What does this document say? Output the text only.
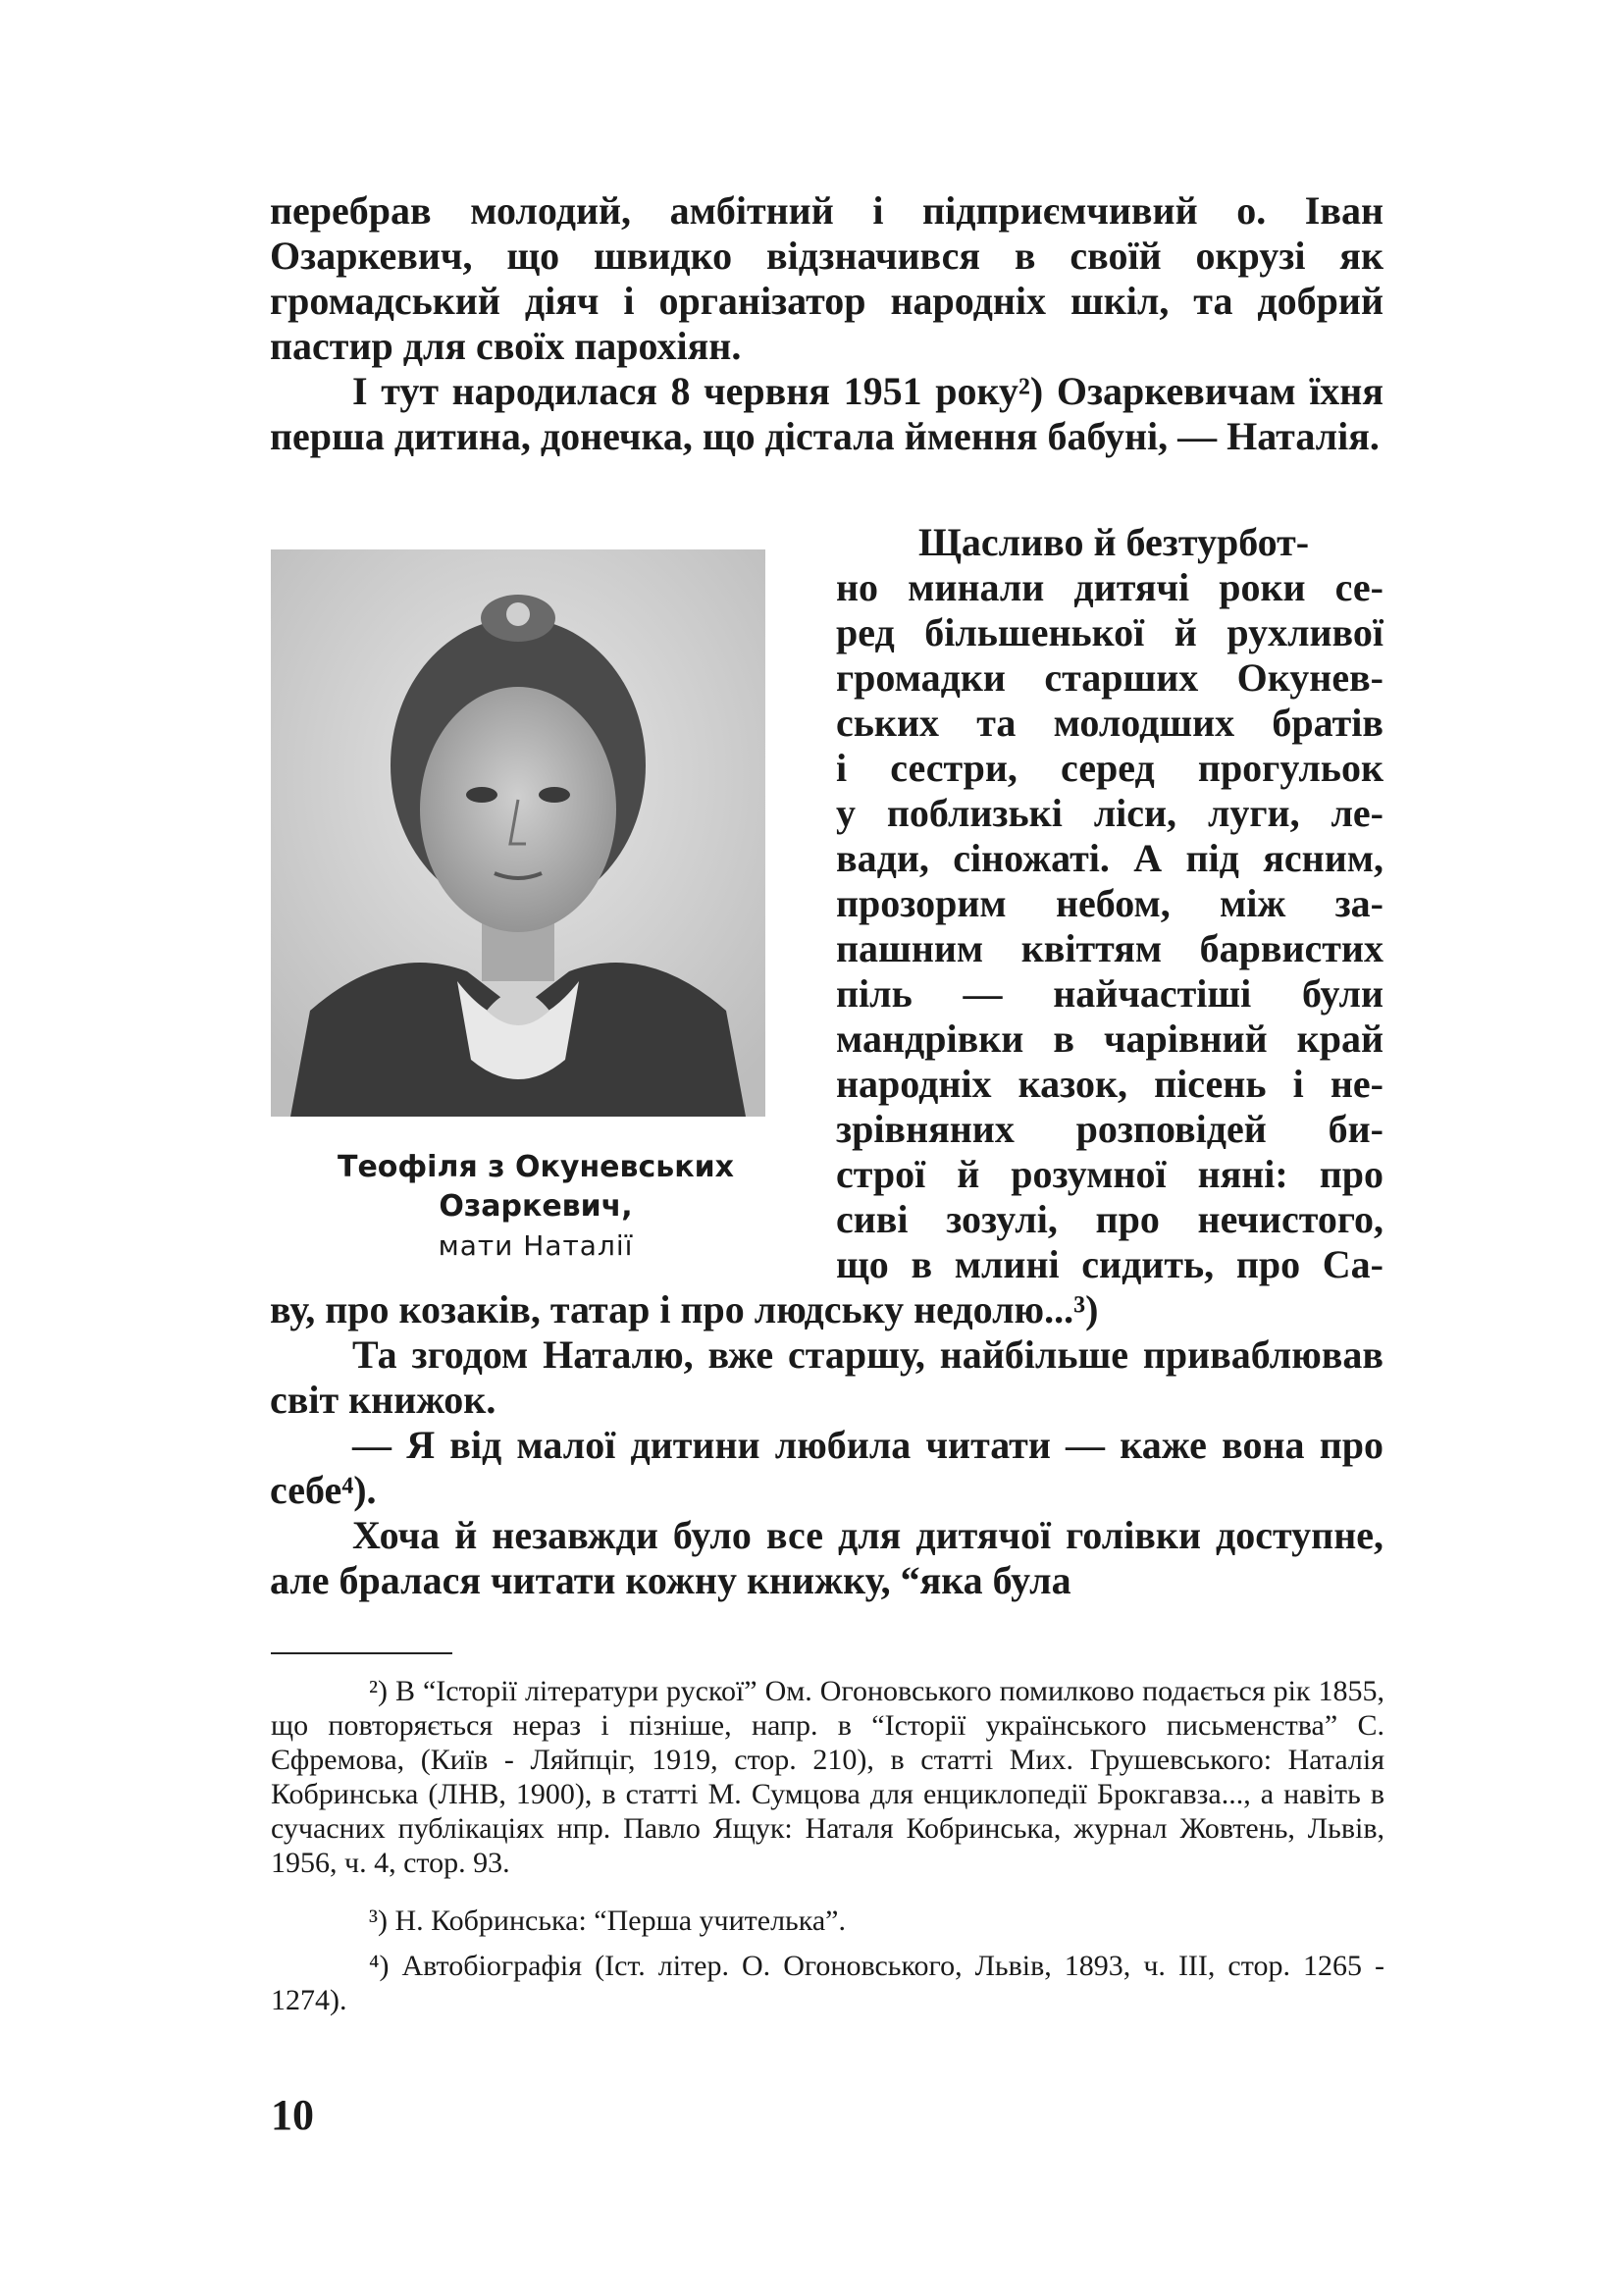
перебрав молодий, амбітний і підприємчивий о. Іван Озаркевич, що швидко відзначився в своїй окрузі як громадський діяч і організатор народніх шкіл, та добрий пастир для своїх парохіян.

І тут народилася 8 червня 1951 року²) Озаркевичам їхня перша дитина, донечка, що дістала ймення бабуні, — Наталія.

Теофіля з Окуневських
Озаркевич,
мати Наталії
Щасливо й безтурбот-
но минали дитячі роки се-
ред більшенької й рухливої
громадки старших Окунев-
ських та молодших братів
і сестри, серед прогульок
у поблизькі ліси, луги, ле-
вади, сіножаті. А під ясним,
прозорим небом, між за-
пашним квіттям барвистих
піль — найчастіші були
мандрівки в чарівний край
народніх казок, пісень і не-
зрівняних розповідей би-
строї й розумної няні: про
сиві зозулі, про нечистого,
що в млині сидить, про Са-

ву, про козаків, татар і про людську недолю...³)

Та згодом Наталю, вже старшу, найбільше приваблював світ книжок.

— Я від малої дитини любила читати — каже вона про себе⁴).

Хоча й незавжди було все для дитячої голівки доступне, але бралася читати кожну книжку, “яка була

²) В “Історії літератури рускої” Ом. Огоновського помилково подається рік 1855, що повторяється нераз і пізніше, напр. в “Історії українського письменства” С. Єфремова, (Київ - Ляйпціг, 1919, стор. 210), в статті Мих. Грушевського: Наталія Кобринська (ЛНВ, 1900), в статті М. Сумцова для енциклопедії Брокгавза..., а навіть в сучасних публікаціях нпр. Павло Ящук: Наталя Кобринська, журнал Жовтень, Львів, 1956, ч. 4, стор. 93.

³) Н. Кобринська: “Перша учителька”.

⁴) Автобіографія (Іст. літер. О. Огоновського, Львів, 1893, ч. III, стор. 1265 - 1274).

10
